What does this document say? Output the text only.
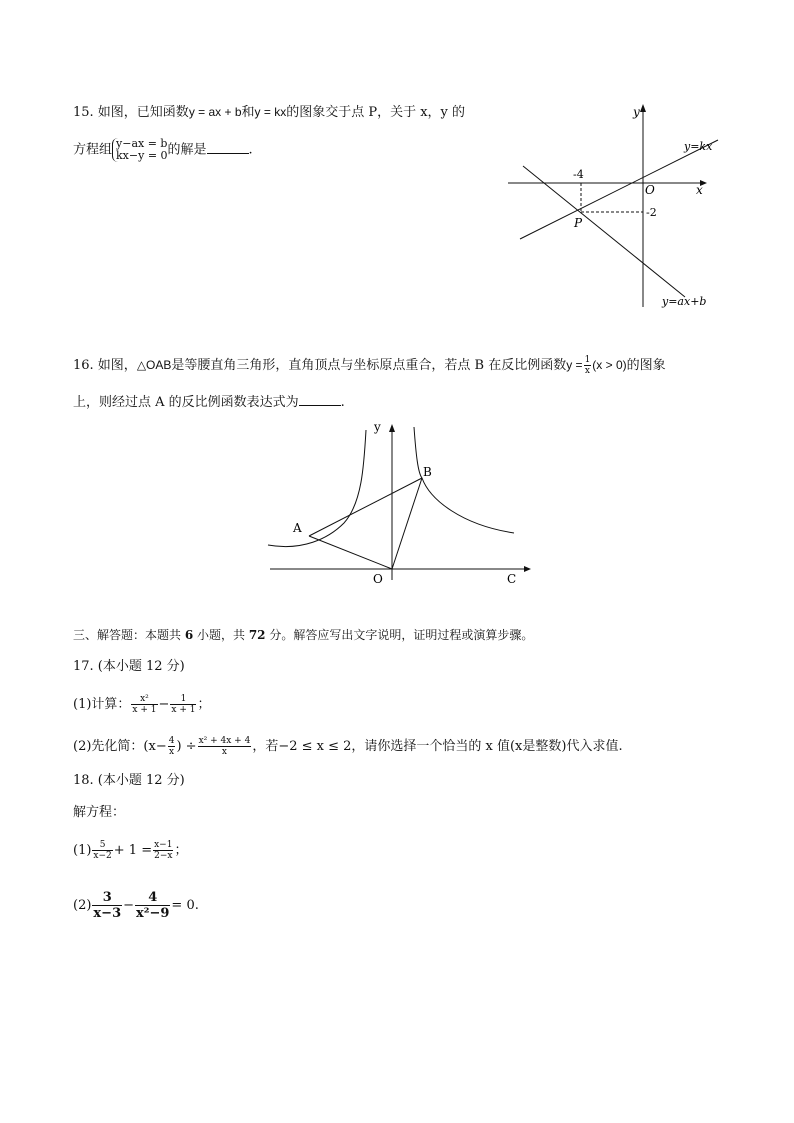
15. 如图，已知函数y = ax + b和y = kx的图象交于点 P，关于 x，y 的
方程组 y−ax = b
kx−y = 0 的解是	.
y
x
O
y=kx
y=ax+b
-4
-2
P
16. 如图，△OAB是等腰直角三角形，直角顶点与坐标原点重合，若点 B 在反比例函数$y = \frac{1}{x} (x > 0)$的图象
上，则经过点 A 的反比例函数表达式为	.
y
A
B
O	C
三、解答题：本题共 6 小题，共 72 分。解答应写出文字说明，证明过程或演算步骤。
17. (本小题 12 分)
(1)计算： $\frac{\text{x²}}{x + 1} - \frac{1}{x + 1}$ ；
(2)先化简：($x- \frac{4}{x}$ ) ÷ $\frac{\text{x² + 4x + 4}}{x}$ ，若−2 ≤ x ≤ 2，请你选择一个恰当的 x 值(x是整数)代入求值.
18. (本小题 12 分)
解方程：
$(1) \frac{5}{x-2} + 1 = \frac{x-1}{2-x}$ ；
$(2) \frac{3}{x-3} - \frac{4}{\text{x²−9}} = 0$.
